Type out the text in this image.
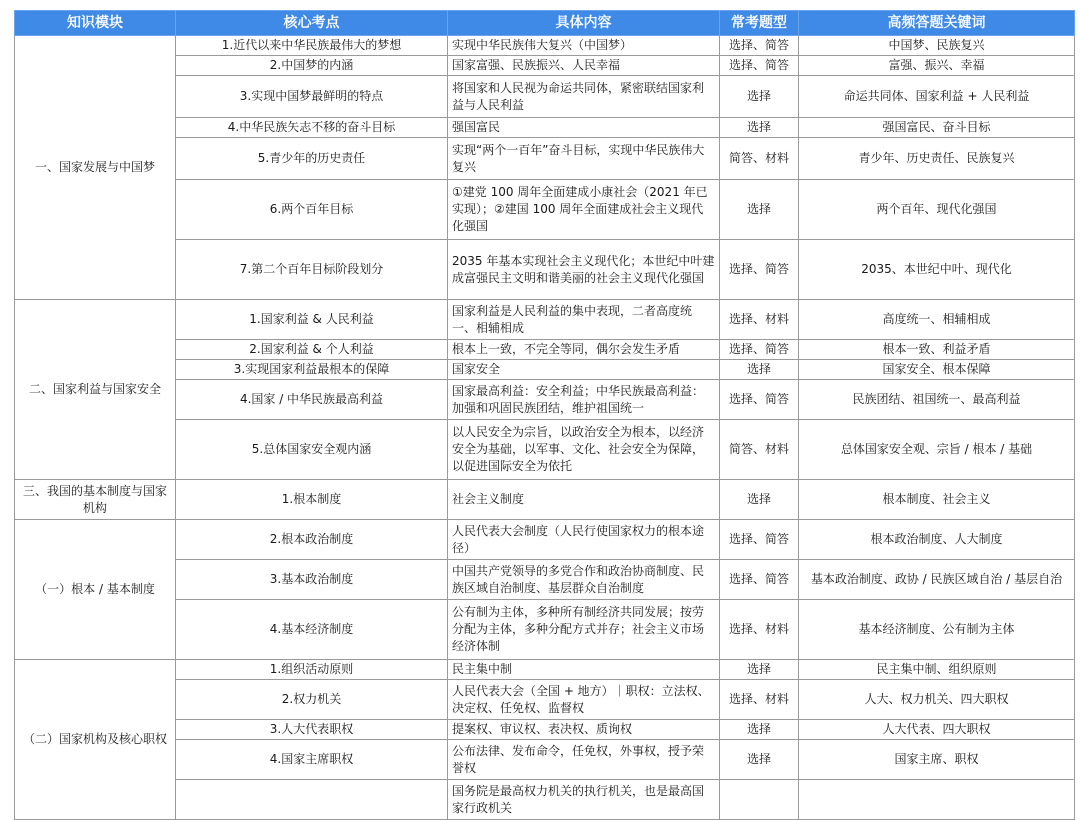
知识模块	核心考点	具体内容	常考题型	高频答题关键词
一、国家发展与中国梦	1.近代以来中华民族最伟大的梦想	实现中华民族伟大复兴（中国梦）	选择、简答	中国梦、民族复兴
	2.中国梦的内涵	国家富强、民族振兴、人民幸福	选择、简答	富强、振兴、幸福
	3.实现中国梦最鲜明的特点	将国家和人民视为命运共同体，紧密联结国家利益与人民利益	选择	命运共同体、国家利益 + 人民利益
	4.中华民族矢志不移的奋斗目标	强国富民	选择	强国富民、奋斗目标
	5.青少年的历史责任	实现“两个一百年”奋斗目标，实现中华民族伟大复兴	简答、材料	青少年、历史责任、民族复兴
	6.两个百年目标	①建党 100 周年全面建成小康社会（2021 年已实现）；②建国 100 周年全面建成社会主义现代化强国	选择	两个百年、现代化强国
	7.第二个百年目标阶段划分	2035 年基本实现社会主义现代化；本世纪中叶建成富强民主文明和谐美丽的社会主义现代化强国	选择、简答	2035、本世纪中叶、现代化
二、国家利益与国家安全	1.国家利益 & 人民利益	国家利益是人民利益的集中表现，二者高度统一、相辅相成	选择、材料	高度统一、相辅相成
	2.国家利益 & 个人利益	根本上一致，不完全等同，偶尔会发生矛盾	选择、简答	根本一致、利益矛盾
	3.实现国家利益最根本的保障	国家安全	选择	国家安全、根本保障
	4.国家 / 中华民族最高利益	国家最高利益：安全利益；中华民族最高利益：加强和巩固民族团结，维护祖国统一	选择、简答	民族团结、祖国统一、最高利益
	5.总体国家安全观内涵	以人民安全为宗旨，以政治安全为根本，以经济安全为基础，以军事、文化、社会安全为保障，以促进国际安全为依托	简答、材料	总体国家安全观、宗旨 / 根本 / 基础
三、我国的基本制度与国家机构	1.根本制度	社会主义制度	选择	根本制度、社会主义
（一）根本 / 基本制度	2.根本政治制度	人民代表大会制度（人民行使国家权力的根本途径）	选择、简答	根本政治制度、人大制度
	3.基本政治制度	中国共产党领导的多党合作和政治协商制度、民族区域自治制度、基层群众自治制度	选择、简答	基本政治制度、政协 / 民族区域自治 / 基层自治
	4.基本经济制度	公有制为主体，多种所有制经济共同发展；按劳分配为主体，多种分配方式并存；社会主义市场经济体制	选择、材料	基本经济制度、公有制为主体
（二）国家机构及核心职权	1.组织活动原则	民主集中制	选择	民主集中制、组织原则
	2.权力机关	人民代表大会（全国 + 地方）｜职权：立法权、决定权、任免权、监督权	选择、材料	人大、权力机关、四大职权
	3.人大代表职权	提案权、审议权、表决权、质询权	选择	人大代表、四大职权
	4.国家主席职权	公布法律、发布命令，任免权，外事权，授予荣誉权	选择	国家主席、职权
		国务院是最高权力机关的执行机关，也是最高国家行政机关		
